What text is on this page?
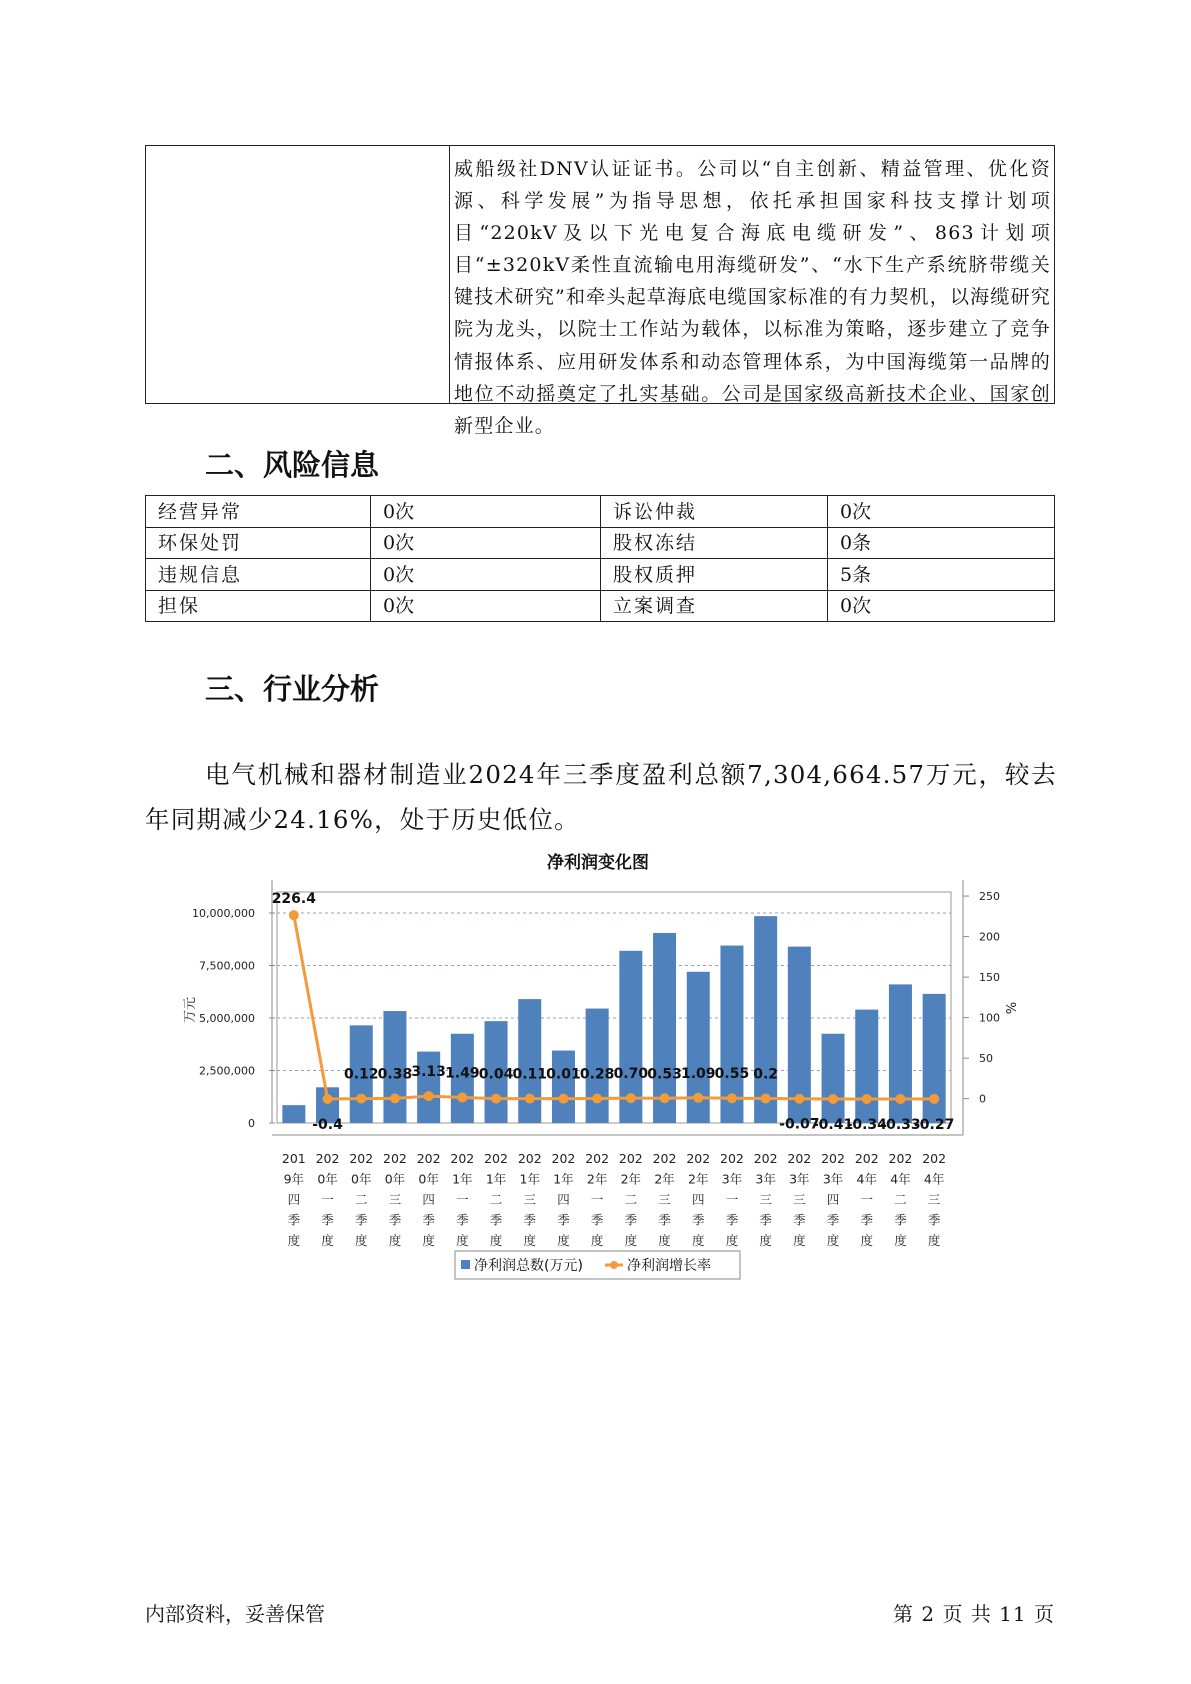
威船级社DNV认证证书。公司以“自主创新、精益管理、优化资源、科学发展”为指导思想，依托承担国家科技支撑计划项目“220kV及以下光电复合海底电缆研发”、863计划项目“±320kV柔性直流输电用海缆研发”、“水下生产系统脐带缆关键技术研究”和牵头起草海底电缆国家标准的有力契机，以海缆研究院为龙头，以院士工作站为载体，以标准为策略，逐步建立了竞争情报体系、应用研发体系和动态管理体系，为中国海缆第一品牌的地位不动摇奠定了扎实基础。公司是国家级高新技术企业、国家创新型企业。
二、风险信息
经营异常	0次	诉讼仲裁	0次
环保处罚	0次	股权冻结	0条
违规信息	0次	股权质押	5条
担保	0次	立案调查	0次
三、行业分析

电气机械和器材制造业2024年三季度盈利总额7,304,664.57万元，较去年同期减少24.16%，处于历史低位。

净利润变化图
0
2,500,000
5,000,000
7,500,000
10,000,000
0
50
100
150
200
250
万元	%
226.4
-0.4
0.12 0.38 3.13 1.49 0.04 0.11 0.01 0.28 0.70 0.53 1.09 0.55 0.2
-0.07
-0.41
-0.34
-0.33
-0.27
201
9年
四
季
度
202
0年
一
季
度
202
0年
二
季
度
202
0年
三
季
度
202
0年
四
季
度
202
1年
一
季
度
202
1年
二
季
度
202
1年
三
季
度
202
1年
四
季
度
202
2年
一
季
度
202
2年
二
季
度
202
2年
三
季
度
202
2年
四
季
度
202
3年
一
季
度
202
3年
三
季
度
202
3年
三
季
度
202
3年
四
季
度
202
4年
一
季
度
202
4年
二
季
度
202
4年
三
季
度
净利润总数(万元)	净利润增长率
内部资料，妥善保管	第 2 页 共 11 页
